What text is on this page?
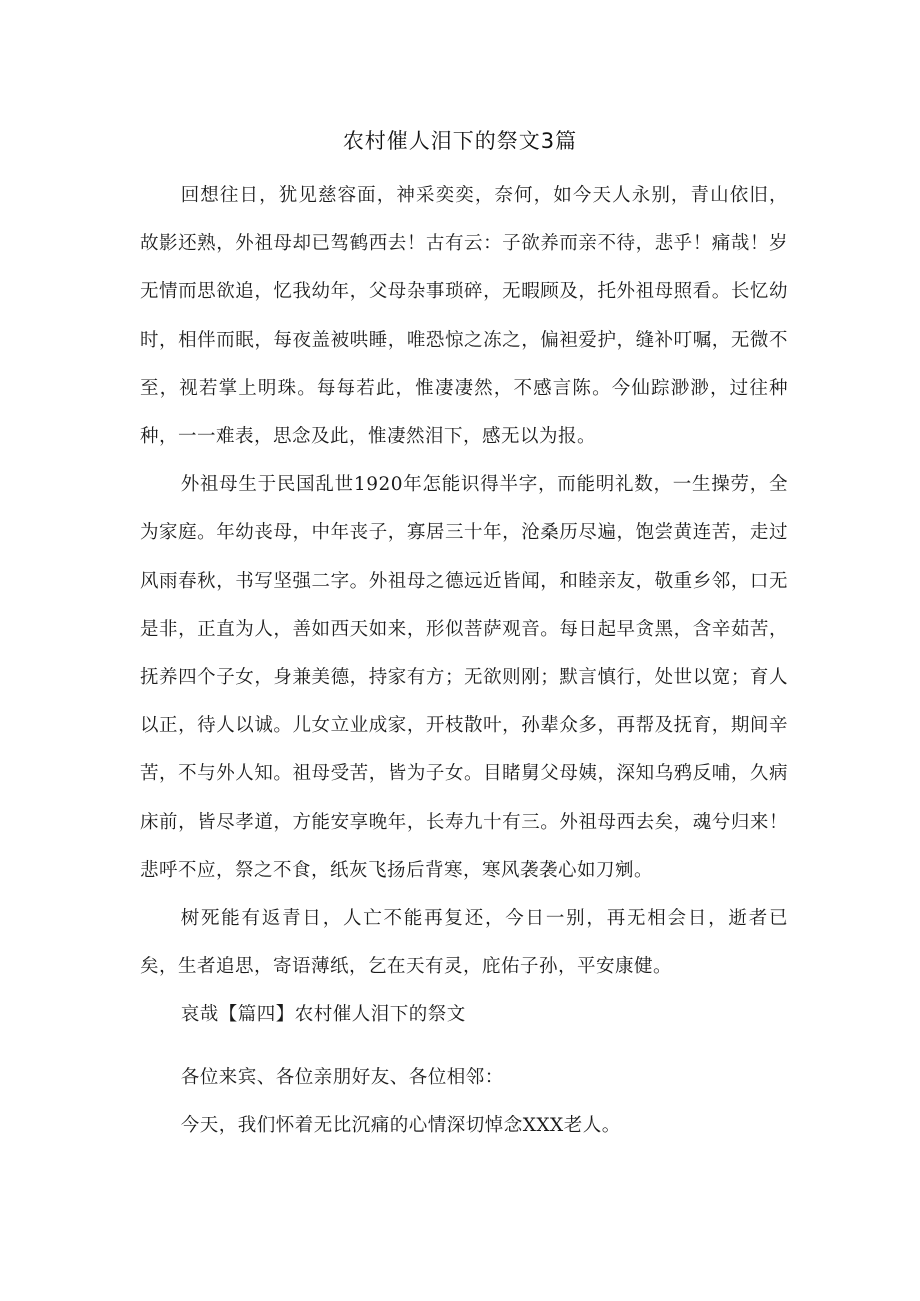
农村催人泪下的祭文3篇

回想往日，犹见慈容面，神采奕奕，奈何，如今天人永别，青山依旧，故影还熟，外祖母却已驾鹤西去！古有云：子欲养而亲不待，悲乎！痛哉！岁无情而思欲追，忆我幼年，父母杂事琐碎，无暇顾及，托外祖母照看。长忆幼时，相伴而眠，每夜盖被哄睡，唯恐惊之冻之，偏袒爱护，缝补叮嘱，无微不至，视若掌上明珠。每每若此，惟凄凄然，不感言陈。今仙踪渺渺，过往种种，一一难表，思念及此，惟凄然泪下，感无以为报。

外祖母生于民国乱世1920年怎能识得半字，而能明礼数，一生操劳，全为家庭。年幼丧母，中年丧子，寡居三十年，沧桑历尽遍，饱尝黄连苦，走过风雨春秋，书写坚强二字。外祖母之德远近皆闻，和睦亲友，敬重乡邻，口无是非，正直为人，善如西天如来，形似菩萨观音。每日起早贪黑，含辛茹苦，抚养四个子女，身兼美德，持家有方；无欲则刚；默言慎行，处世以宽；育人以正，待人以诚。儿女立业成家，开枝散叶，孙辈众多，再帮及抚育，期间辛苦，不与外人知。祖母受苦，皆为子女。目睹舅父母姨，深知乌鸦反哺，久病床前，皆尽孝道，方能安享晚年，长寿九十有三。外祖母西去矣，魂兮归来！悲呼不应，祭之不食，纸灰飞扬后背寒，寒风袭袭心如刀剜。

树死能有返青日，人亡不能再复还，今日一别，再无相会日，逝者已矣，生者追思，寄语薄纸，乞在天有灵，庇佑子孙，平安康健。

哀哉【篇四】农村催人泪下的祭文

各位来宾、各位亲朋好友、各位相邻：

今天，我们怀着无比沉痛的心情深切悼念XXX老人。
